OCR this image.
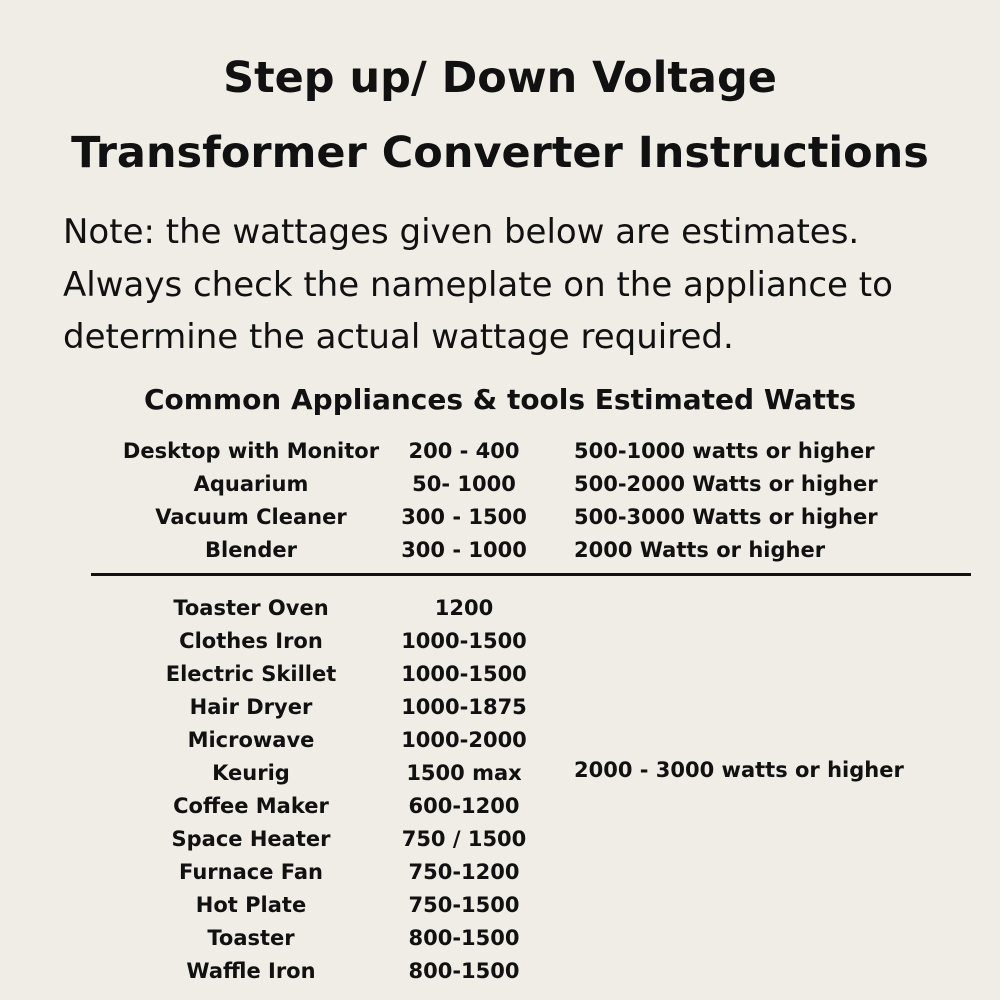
Step up/ Down Voltage
Transformer Converter Instructions

Note: the wattages given below are estimates.

Always check the nameplate on the appliance to

determine the actual wattage required.

Common Appliances & tools Estimated Watts
Desktop with Monitor	200 - 400	500-1000 watts or higher
Aquarium	50- 1000	500-2000 Watts or higher
Vacuum Cleaner	300 - 1500	500-3000 Watts or higher
Blender	300 - 1000	2000 Watts or higher
Toaster Oven	1200
Clothes Iron	1000-1500
Electric Skillet	1000-1500
Hair Dryer	1000-1875
Microwave	1000-2000
Keurig	1500 max
Coffee Maker	600-1200
Space Heater	750 / 1500
Furnace Fan	750-1200
Hot Plate	750-1500
Toaster	800-1500
Waffle Iron	800-1500
2000 - 3000 watts or higher
